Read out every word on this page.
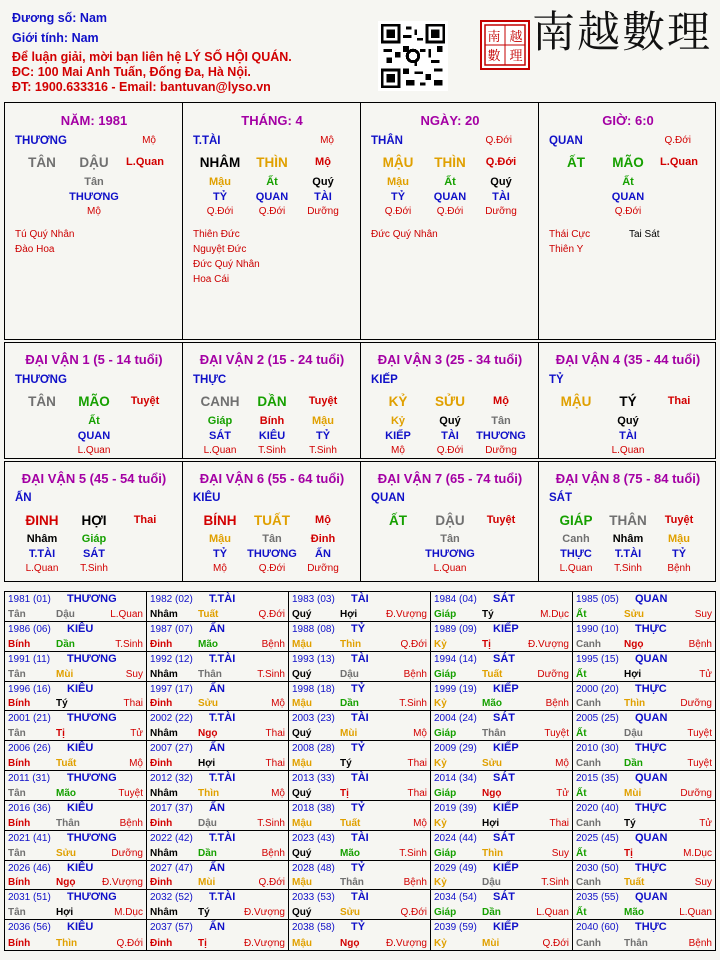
Đương số: Nam
Giới tính: Nam
Để luận giải, mời bạn liên hệ LÝ SỐ HỘI QUÁN.
ĐC: 100 Mai Anh Tuấn, Đống Đa, Hà Nội.
ĐT: 1900.633316 - Email: bantuvan@lyso.vn
南 越
數 理 南越數理
NĂM: 1981
THƯƠNG	Mộ
TÂN DẬU L.Quan
Tân
THƯƠNG
Mộ
Tú Quý Nhân
Đào Hoa
THÁNG: 4
T.TÀI	Mộ
NHÂM THÌN Mộ
Mậu
TỶ
Q.Đới
Ất
QUAN
Q.Đới
Quý
TÀI
Dưỡng
Thiên Đức
Nguyệt Đức
Đức Quý Nhân
Hoa Cái
NGÀY: 20
THÂN	Q.Đới
MẬU THÌN Q.Đới
Mậu
TỶ
Q.Đới
Ất
QUAN
Q.Đới
Quý
TÀI
Dưỡng
Đức Quý Nhân
GIỜ: 6:0
QUAN	Q.Đới
ẤT MÃO L.Quan
Ất
QUAN
Q.Đới
Thái Cực	Tai Sát
Thiên Y
ĐẠI VẬN 1 (5 - 14 tuổi)
THƯƠNG
TÂN MÃO Tuyệt
Ất
QUAN
L.Quan
ĐẠI VẬN 2 (15 - 24 tuổi)
THỰC
CANH DẦN Tuyệt
Giáp
SÁT
L.Quan
Bính
KIÊU
T.Sinh
Mậu
TỶ
T.Sinh
ĐẠI VẬN 3 (25 - 34 tuổi)
KIẾP
KỶ SỬU	Mộ
Kỷ
KIẾP
Mộ
Quý
TÀI
Q.Đới
Tân
THƯƠNG
Dưỡng
ĐẠI VẬN 4 (35 - 44 tuổi)
TỶ
MẬU TÝ	Thai
Quý
TÀI
L.Quan
ĐẠI VẬN 5 (45 - 54 tuổi)
ẤN
ĐINH HỢI Thai
Nhâm
T.TÀI
L.Quan
Giáp
SÁT
T.Sinh
ĐẠI VẬN 6 (55 - 64 tuổi)
KIÊU
BÍNH TUẤT Mộ
Mậu
TỶ
Mộ
Tân
THƯƠNG
Q.Đới
Đinh
ẤN
Dưỡng
ĐẠI VẬN 7 (65 - 74 tuổi)
QUAN
ẤT DẬU Tuyệt
Tân
THƯƠNG
L.Quan
ĐẠI VẬN 8 (75 - 84 tuổi)
SÁT
GIÁP THÂN Tuyệt
Canh
THỰC
L.Quan
Nhâm
T.TÀI
T.Sinh
Mậu
TỶ
Bệnh
1981 (01) THƯƠNG
Tân	Dậu	L.Quan
1982 (02) T.TÀI
Nhâm Tuất	Q.Đới
1983 (03) TÀI
Quý	Hợi	Đ.Vượng
1984 (04) SÁT
Giáp	Tý	M.Dục
1985 (05) QUAN
Ất	Sửu	Suy
1986 (06) KIÊU
Bính	Dần	T.Sinh
1987 (07) ẤN
Đinh	Mão	Bệnh
1988 (08) TỶ
Mậu	Thìn	Q.Đới
1989 (09) KIẾP
Kỷ	Tị	Đ.Vượng
1990 (10) THỰC
Canh Ngọ	Bệnh
1991 (11) THƯƠNG
Tân	Mùi	Suy
1992 (12) T.TÀI
Nhâm Thân	T.Sinh
1993 (13) TÀI
Quý	Dậu	Bệnh
1994 (14) SÁT
Giáp	Tuất	Dưỡng
1995 (15) QUAN
Ất	Hợi	Tử
1996 (16) KIÊU
Bính	Tý	Thai
1997 (17) ẤN
Đinh	Sửu	Mộ
1998 (18) TỶ
Mậu	Dần	T.Sinh
1999 (19) KIẾP
Kỷ	Mão	Bệnh
2000 (20) THỰC
Canh Thìn	Dưỡng
2001 (21) THƯƠNG
Tân	Tị	Tử
2002 (22) T.TÀI
Nhâm Ngọ	Thai
2003 (23) TÀI
Quý	Mùi	Mộ
2004 (24) SÁT
Giáp	Thân	Tuyệt
2005 (25) QUAN
Ất	Dậu	Tuyệt
2006 (26) KIÊU
Bính	Tuất	Mộ
2007 (27) ẤN
Đinh	Hợi	Thai
2008 (28) TỶ
Mậu	Tý	Thai
2009 (29) KIẾP
Kỷ	Sửu	Mộ
2010 (30) THỰC
Canh Dần	Tuyệt
2011 (31) THƯƠNG
Tân	Mão	Tuyệt
2012 (32) T.TÀI
Nhâm Thìn	Mộ
2013 (33) TÀI
Quý	Tị	Thai
2014 (34) SÁT
Giáp	Ngọ	Tử
2015 (35) QUAN
Ất	Mùi	Dưỡng
2016 (36) KIÊU
Bính	Thân	Bệnh
2017 (37) ẤN
Đinh	Dậu	T.Sinh
2018 (38) TỶ
Mậu	Tuất	Mộ
2019 (39) KIẾP
Kỷ	Hợi	Thai
2020 (40) THỰC
Canh Tý	Tử
2021 (41) THƯƠNG
Tân	Sửu	Dưỡng
2022 (42) T.TÀI
Nhâm Dần	Bệnh
2023 (43) TÀI
Quý	Mão	T.Sinh
2024 (44) SÁT
Giáp	Thìn	Suy
2025 (45) QUAN
Ất	Tị	M.Dục
2026 (46) KIÊU
Bính	Ngọ	Đ.Vượng
2027 (47) ẤN
Đinh	Mùi	Q.Đới
2028 (48) TỶ
Mậu	Thân	Bệnh
2029 (49) KIẾP
Kỷ	Dậu	T.Sinh
2030 (50) THỰC
Canh Tuất	Suy
2031 (51) THƯƠNG
Tân	Hợi	M.Dục
2032 (52) T.TÀI
Nhâm Tý	Đ.Vượng
2033 (53) TÀI
Quý	Sửu	Q.Đới
2034 (54) SÁT
Giáp	Dần	L.Quan
2035 (55) QUAN
Ất	Mão	L.Quan
2036 (56) KIÊU
Bính	Thìn	Q.Đới
2037 (57) ẤN
Đinh	Tị	Đ.Vượng
2038 (58) TỶ
Mậu	Ngọ	Đ.Vượng
2039 (59) KIẾP
Kỷ	Mùi	Q.Đới
2040 (60) THỰC
Canh Thân	Bệnh
